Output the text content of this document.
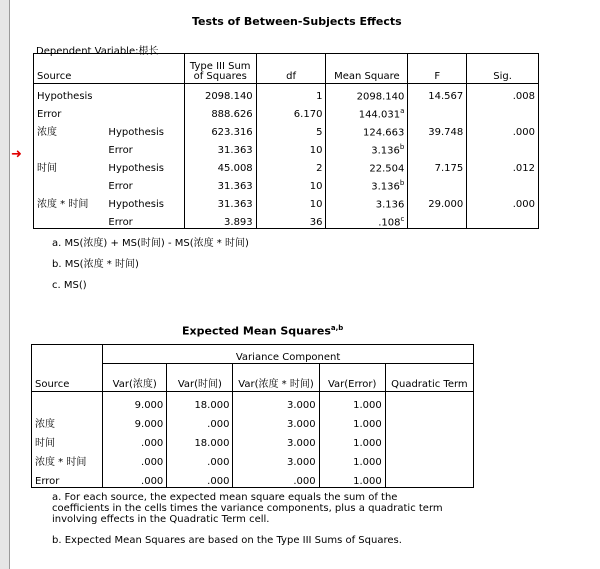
➜
Tests of Between-Subjects Effects
Dependent Variable:根长
Source		Type III Sum of Squares	df	Mean Square	F	Sig.
Hypothesis		2098.140	1	2098.140	14.567	.008
Error		888.626	6.170	144.031$^a$		
浓度	Hypothesis	623.316	5	124.663	39.748	.000
	Error	31.363	10	3.136$^b$		
时间	Hypothesis	45.008	2	22.504	7.175	.012
	Error	31.363	10	3.136$^b$		
浓度 * 时间	Hypothesis	31.363	10	3.136	29.000	.000
	Error	3.893	36	.108$^c$		
a. MS(浓度) + MS(时间) - MS(浓度 * 时间)
b. MS(浓度 * 时间)
c. MS()
Expected Mean Squares$^{a,b}$
Source	Variance Component				
	Var(浓度)	Var(时间)	Var(浓度 * 时间)	Var(Error)	Quadratic Term
	9.000	18.000	3.000	1.000	
浓度	9.000	.000	3.000	1.000	
时间	.000	18.000	3.000	1.000	
浓度 * 时间	.000	.000	3.000	1.000	
Error	.000	.000	.000	1.000	
a. For each source, the expected mean square equals the sum of the
coefficients in the cells times the variance components, plus a quadratic term
involving effects in the Quadratic Term cell.
b. Expected Mean Squares are based on the Type III Sums of Squares.
